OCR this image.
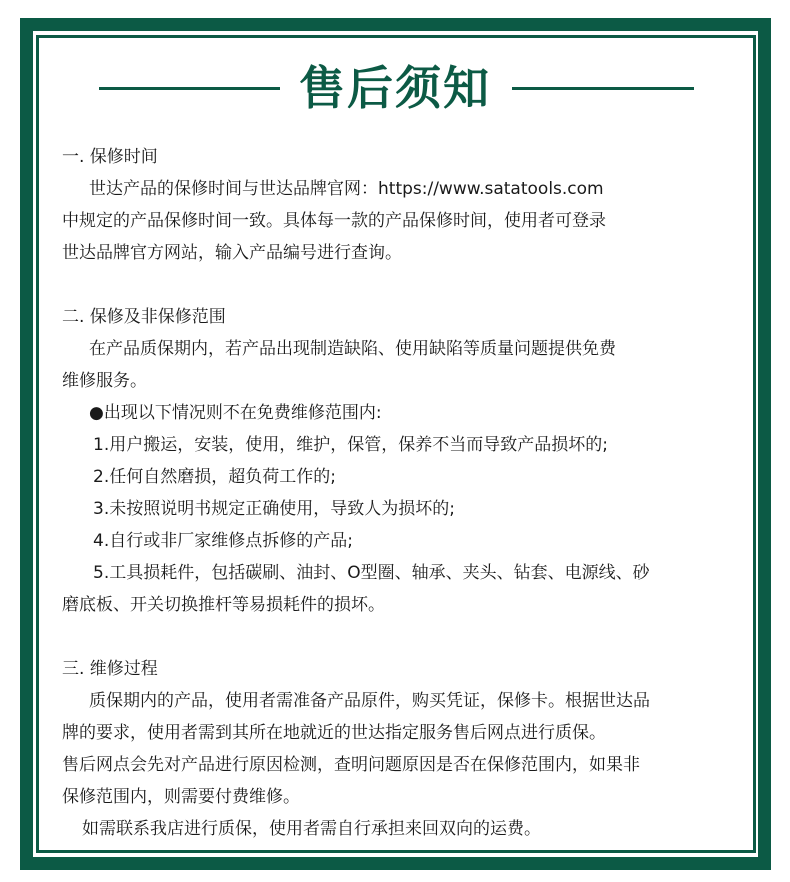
售后须知

一. 保修时间

世达产品的保修时间与世达品牌官网：https://www.satatools.com

中规定的产品保修时间一致。具体每一款的产品保修时间，使用者可登录

世达品牌官方网站，输入产品编号进行查询。

二. 保修及非保修范围

在产品质保期内，若产品出现制造缺陷、使用缺陷等质量问题提供免费

维修服务。

●出现以下情况则不在免费维修范围内:

1.用户搬运，安装，使用，维护，保管，保养不当而导致产品损坏的;

2.任何自然磨损，超负荷工作的;

3.未按照说明书规定正确使用，导致人为损坏的;

4.自行或非厂家维修点拆修的产品;

5.工具损耗件，包括碳刷、油封、O型圈、轴承、夹头、钻套、电源线、砂

磨底板、开关切换推杆等易损耗件的损坏。

三. 维修过程

质保期内的产品，使用者需准备产品原件，购买凭证，保修卡。根据世达品

牌的要求，使用者需到其所在地就近的世达指定服务售后网点进行质保。

售后网点会先对产品进行原因检测，查明问题原因是否在保修范围内，如果非

保修范围内，则需要付费维修。

如需联系我店进行质保，使用者需自行承担来回双向的运费。
